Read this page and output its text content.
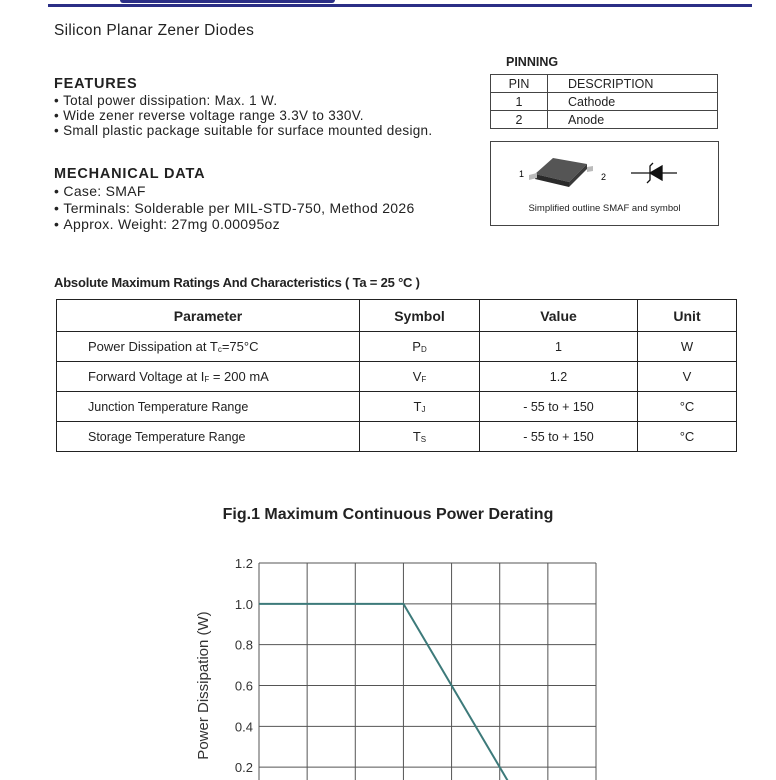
Silicon Planar Zener Diodes
FEATURES
• Total power dissipation: Max. 1 W.
• Wide zener reverse voltage range 3.3V to 330V.
• Small plastic package suitable for surface mounted design.
MECHANICAL DATA
• Case: SMAF
• Terminals: Solderable per MIL-STD-750, Method 2026
• Approx. Weight: 27mg 0.00095oz
PINNING
PIN	DESCRIPTION
1	Cathode
2	Anode
1	2
Simplified outline SMAF and symbol
Absolute Maximum Ratings And Characteristics ( Ta = 25 °C )
Parameter	Symbol	Value	Unit
Power Dissipation at $T_c=75^\circ C$	$P_D$	1	W
Forward Voltage at $I_F = 200$ mA	$V_F$	1.2	V
Junction Temperature Range	$T_J$	- 55 to + 150	°C
Storage Temperature Range	$T_S$	- 55 to + 150	°C
Fig.1 Maximum Continuous Power Derating
1.2
1.0
0.8
0.6
0.4
0.2
Power Dissipation (W)
